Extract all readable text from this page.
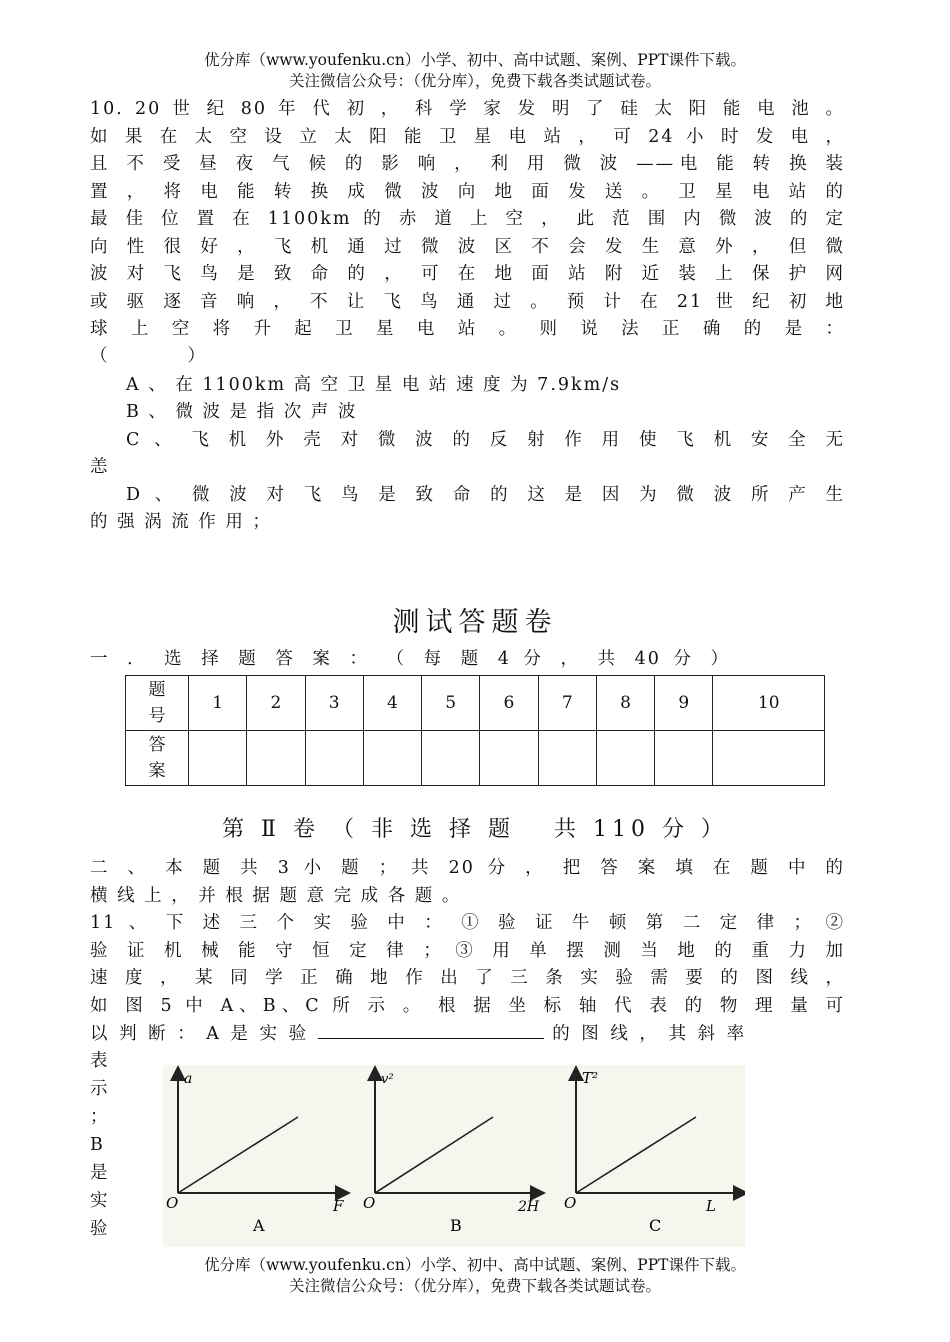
优分库（www.youfenku.cn）小学、初中、高中试题、案例、PPT课件下载。
关注微信公众号：（优分库），免费下载各类试题试卷。
10. 20 世 纪 80 年 代 初 ， 科 学 家 发 明 了 硅 太 阳 能 电 池 。
如 果 在 太 空 设 立 太 阳 能 卫 星 电 站 ， 可 24 小 时 发 电 ，
且 不 受 昼 夜 气 候 的 影 响 ， 利 用 微 波 ——电 能 转 换 装
置 ， 将 电 能 转 换 成 微 波 向 地 面 发 送 。 卫 星 电 站 的
最 佳 位 置 在 1100km 的 赤 道 上 空 ， 此 范 围 内 微 波 的 定
向 性 很 好 ， 飞 机 通 过 微 波 区 不 会 发 生 意 外 ， 但 微
波 对 飞 鸟 是 致 命 的 ， 可 在 地 面 站 附 近 装 上 保 护 网
或 驱 逐 音 响 ， 不 让 飞 鸟 通 过 。 预 计 在 21 世 纪 初 地
球 上 空 将 升 起 卫 星 电 站 。 则 说 法 正 确 的 是 ：
（　　　　）
A 、 在 1100km 高 空 卫 星 电 站 速 度 为 7.9km/s
B 、 微 波 是 指 次 声 波
C 、 飞 机 外 壳 对 微 波 的 反 射 作 用 使 飞 机 安 全 无
恙
D 、 微 波 对 飞 鸟 是 致 命 的 这 是 因 为 微 波 所 产 生
的 强 涡 流 作 用 ；
测试答题卷
一 ． 选 择 题 答 案 ： （ 每 题 4 分 ， 共 40 分 ）
题
号	1	2	3	4	5	6	7	8	9	10
答
案										
第 Ⅱ 卷 （ 非 选 择 题　 共 110 分 ）
二 、 本 题 共 3 小 题 ； 共 20 分 ， 把 答 案 填 在 题 中 的
横 线 上 ， 并 根 据 题 意 完 成 各 题 。
11 、 下 述 三 个 实 验 中 ： ① 验 证 牛 顿 第 二 定 律 ； ②
验 证 机 械 能 守 恒 定 律 ； ③ 用 单 摆 测 当 地 的 重 力 加
速 度 ， 某 同 学 正 确 地 作 出 了 三 条 实 验 需 要 的 图 线 ，
如 图 5 中 A、B、C 所 示 。 根 据 坐 标 轴 代 表 的 物 理 量 可
以 判 断 ： A 是 实 验	的 图 线 ， 其 斜 率
表
示
；
B
是
实
验
a
O	F
A
v²
O	2H
B
T²
O	L
C
优分库（www.youfenku.cn）小学、初中、高中试题、案例、PPT课件下载。
关注微信公众号：（优分库），免费下载各类试题试卷。
